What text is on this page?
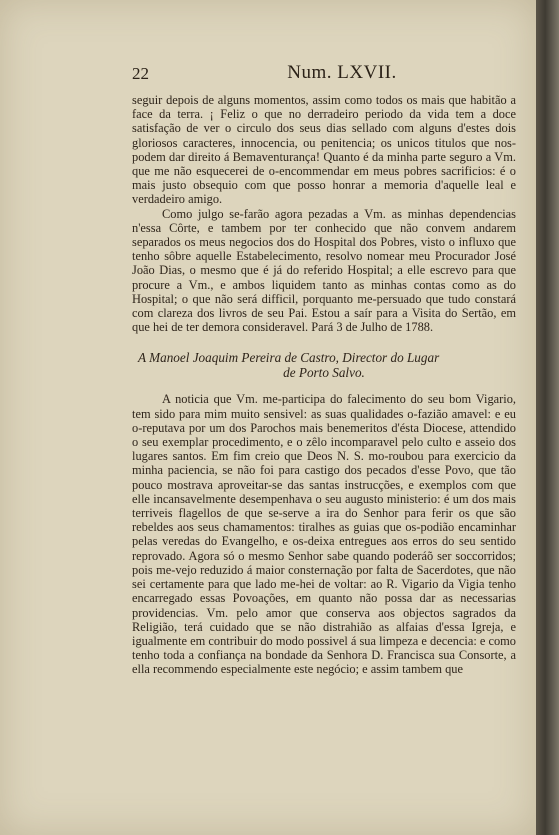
22	Num. LXVII.

seguir depois de alguns momentos, assim como todos os mais que habitão a face da terra. ¡ Feliz o que no derradeiro periodo da vida tem a doce satisfação de ver o circulo dos seus dias sellado com alguns d'estes dois gloriosos caracteres, innocencia, ou penitencia; os unicos titulos que nos-podem dar direito á Bemaventurança! Quanto é da minha parte seguro a Vm. que me não esquecerei de o-encommendar em meus pobres sacrificios: é o mais justo obsequio com que posso honrar a memoria d'aquelle leal e verdadeiro amigo.

Como julgo se-farão agora pezadas a Vm. as minhas dependencias n'essa Côrte, e tambem por ter conhecido que não convem andarem separados os meus negocios dos do Hospital dos Pobres, visto o influxo que tenho sôbre aquelle Estabelecimento, resolvo nomear meu Procurador José João Dias, o mesmo que é já do referido Hospital; a elle escrevo para que procure a Vm., e ambos liquidem tanto as minhas contas como as do Hospital; o que não será difficil, porquanto me-persuado que tudo constará com clareza dos livros de seu Pai. Estou a saír para a Visita do Sertão, em que hei de ter demora consideravel. Pará 3 de Julho de 1788.

A Manoel Joaquim Pereira de Castro, Director do Lugar
de Porto Salvo.

A noticia que Vm. me-participa do falecimento do seu bom Vigario, tem sido para mim muito sensivel: as suas qualidades o-fazião amavel: e eu o-reputava por um dos Parochos mais benemeritos d'ésta Diocese, attendido o seu exemplar procedimento, e o zêlo incomparavel pelo culto e asseio dos lugares santos. Em fim creio que Deos N. S. mo-roubou para exercicio da minha paciencia, se não foi para castigo dos pecados d'esse Povo, que tão pouco mostrava aproveitar-se das santas instrucções, e exemplos com que elle incansavelmente desempenhava o seu augusto ministerio: é um dos mais terriveis flagellos de que se-serve a ira do Senhor para ferir os que são rebeldes aos seus chamamentos: tiralhes as guias que os-podião encaminhar pelas veredas do Evangelho, e os-deixa entregues aos erros do seu sentido reprovado. Agora só o mesmo Senhor sabe quando poderáõ ser soccorridos; pois me-vejo reduzido á maior consternação por falta de Sacerdotes, que não sei certamente para que lado me-hei de voltar: ao R. Vigario da Vigia tenho encarregado essas Povoações, em quanto não possa dar as necessarias providencias. Vm. pelo amor que conserva aos objectos sagrados da Religião, terá cuidado que se não distrahião as alfaias d'essa Igreja, e igualmente em contribuir do modo possivel á sua limpeza e decencia: e como tenho toda a confiança na bondade da Senhora D. Francisca sua Consorte, a ella recommendo especialmente este negócio; e assim tambem que
